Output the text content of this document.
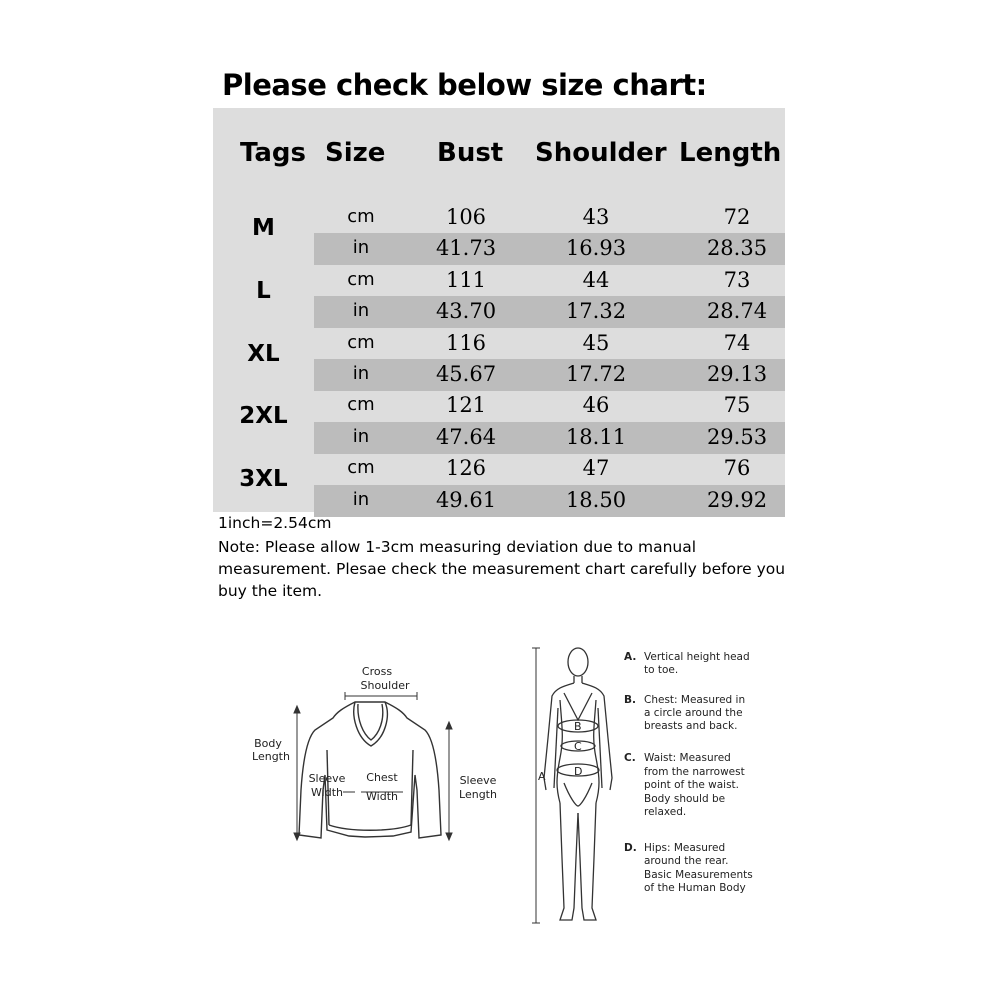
Please check below size chart:
Tags Size Bust Shoulder Length
M	cm	106	43	72
in	41.73	16.93	28.35
L	cm	111	44	73
in	43.70	17.32	28.74
XL	cm	116	45	74
in	45.67	17.72	29.13
2XL	cm	121	46	75
in	47.64	18.11	29.53
3XL	cm	126	47	76
in	49.61	18.50	29.92
1inch=2.54cm
Note: Please allow 1-3cm measuring deviation due to manual measurement. Plesae check the measurement chart carefully before you buy the item.
Cross
Shoulder
Body
Length
Sleeve
Width
Chest
Width
Sleeve
Length
A
B
C
D
A. Vertical height head
to toe.
B. Chest: Measured in
a circle around the
breasts and back.
C. Waist: Measured
from the narrowest
point of the waist.
Body should be
relaxed.
D. Hips: Measured
around the rear.
Basic Measurements
of the Human Body
